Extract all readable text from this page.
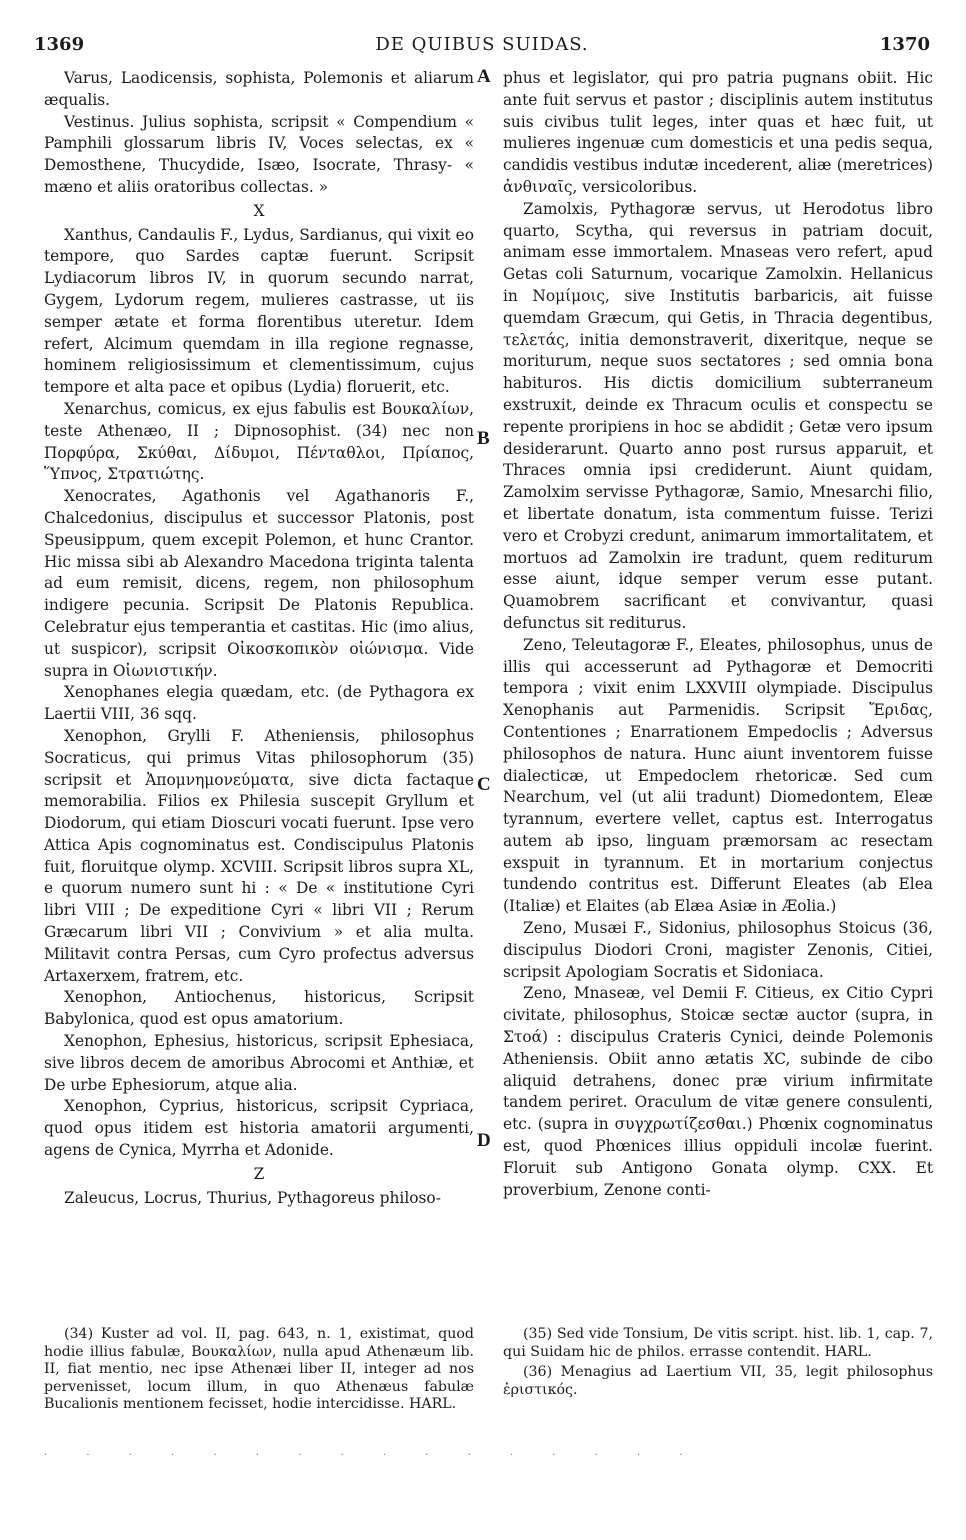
1369	DE QUIBUS SUIDAS.	1370
A
B
C
D

Varus, Laodicensis, sophista, Polemonis et aliarum æqualis.

Vestinus. Julius sophista, scripsit « Compendium « Pamphili glossarum libris IV, Voces selectas, ex « Demosthene, Thucydide, Isæo, Isocrate, Thrasy- « mæno et aliis oratoribus collectas. »

X

Xanthus, Candaulis F., Lydus, Sardianus, qui vixit eo tempore, quo Sardes captæ fuerunt. Scripsit Lydiacorum libros IV, in quorum secundo narrat, Gygem, Lydorum regem, mulieres castrasse, ut iis semper ætate et forma florentibus uteretur. Idem refert, Alcimum quemdam in illa regione regnasse, hominem religiosissimum et clementissimum, cujus tempore et alta pace et opibus (Lydia) floruerit, etc.

Xenarchus, comicus, ex ejus fabulis est Βουκαλίων, teste Athenæo, II ; Dipnosophist. (34) nec non Πορφύρα, Σκύθαι, Δίδυμοι, Πένταθλοι, Πρίαπος, Ὕπνος, Στρατιώτης.

Xenocrates, Agathonis vel Agathanoris F., Chalcedonius, discipulus et successor Platonis, post Speusippum, quem excepit Polemon, et hunc Crantor. Hic missa sibi ab Alexandro Macedona triginta talenta ad eum remisit, dicens, regem, non philosophum indigere pecunia. Scripsit De Platonis Republica. Celebratur ejus temperantia et castitas. Hic (imo alius, ut suspicor), scripsit Οἰκοσκοπικὸν οἰώνισμα. Vide supra in Οἰωνιστικήν.

Xenophanes elegia quædam, etc. (de Pythagora ex Laertii VIII, 36 sqq.

Xenophon, Grylli F. Atheniensis, philosophus Socraticus, qui primus Vitas philosophorum (35) scripsit et Ἀπομνημονεύματα, sive dicta factaque memorabilia. Filios ex Philesia suscepit Gryllum et Diodorum, qui etiam Dioscuri vocati fuerunt. Ipse vero Attica Apis cognominatus est. Condiscipulus Platonis fuit, floruitque olymp. XCVIII. Scripsit libros supra XL, e quorum numero sunt hi : « De « institutione Cyri libri VIII ; De expeditione Cyri « libri VII ; Rerum Græcarum libri VII ; Convivium » et alia multa. Militavit contra Persas, cum Cyro profectus adversus Artaxerxem, fratrem, etc.

Xenophon, Antiochenus, historicus, Scripsit Babylonica, quod est opus amatorium.

Xenophon, Ephesius, historicus, scripsit Ephesiaca, sive libros decem de amoribus Abrocomi et Anthiæ, et De urbe Ephesiorum, atque alia.

Xenophon, Cyprius, historicus, scripsit Cypriaca, quod opus itidem est historia amatorii argumenti, agens de Cynica, Myrrha et Adonide.

Z

Zaleucus, Locrus, Thurius, Pythagoreus philoso-

phus et legislator, qui pro patria pugnans obiit. Hic ante fuit servus et pastor ; disciplinis autem institutus suis civibus tulit leges, inter quas et hæc fuit, ut mulieres ingenuæ cum domesticis et una pedis sequa, candidis vestibus indutæ incederent, aliæ (meretrices) ἀνθιναῖς, versicoloribus.

Zamolxis, Pythagoræ servus, ut Herodotus libro quarto, Scytha, qui reversus in patriam docuit, animam esse immortalem. Mnaseas vero refert, apud Getas coli Saturnum, vocarique Zamolxin. Hellanicus in Νομίμοις, sive Institutis barbaricis, ait fuisse quemdam Græcum, qui Getis, in Thracia degentibus, τελετάς, initia demonstraverit, dixeritque, neque se moriturum, neque suos sectatores ; sed omnia bona habituros. His dictis domicilium subterraneum exstruxit, deinde ex Thracum oculis et conspectu se repente proripiens in hoc se abdidit ; Getæ vero ipsum desiderarunt. Quarto anno post rursus apparuit, et Thraces omnia ipsi crediderunt. Aiunt quidam, Zamolxim servisse Pythagoræ, Samio, Mnesarchi filio, et libertate donatum, ista commentum fuisse. Terizi vero et Crobyzi credunt, animarum immortalitatem, et mortuos ad Zamolxin ire tradunt, quem rediturum esse aiunt, idque semper verum esse putant. Quamobrem sacrificant et convivantur, quasi defunctus sit rediturus.

Zeno, Teleutagoræ F., Eleates, philosophus, unus de illis qui accesserunt ad Pythagoræ et Democriti tempora ; vixit enim LXXVIII olympiade. Discipulus Xenophanis aut Parmenidis. Scripsit Ἔριδας, Contentiones ; Enarrationem Empedoclis ; Adversus philosophos de natura. Hunc aiunt inventorem fuisse dialecticæ, ut Empedoclem rhetoricæ. Sed cum Nearchum, vel (ut alii tradunt) Diomedontem, Eleæ tyrannum, evertere vellet, captus est. Interrogatus autem ab ipso, linguam præmorsam ac resectam exspuit in tyrannum. Et in mortarium conjectus tundendo contritus est. Differunt Eleates (ab Elea (Italiæ) et Elaites (ab Elæa Asiæ in Æolia.)

Zeno, Musæi F., Sidonius, philosophus Stoicus (36, discipulus Diodori Croni, magister Zenonis, Citiei, scripsit Apologiam Socratis et Sidoniaca.

Zeno, Mnaseæ, vel Demii F. Citieus, ex Citio Cypri civitate, philosophus, Stoicæ sectæ auctor (supra, in Στοά) : discipulus Crateris Cynici, deinde Polemonis Atheniensis. Obiit anno ætatis XC, subinde de cibo aliquid detrahens, donec præ virium infirmitate tandem periret. Oraculum de vitæ genere consulenti, etc. (supra in συγχρωτίζεσθαι.) Phœnix cognominatus est, quod Phœnices illius oppiduli incolæ fuerint. Floruit sub Antigono Gonata olymp. CXX. Et proverbium, Zenone conti-

(34) Kuster ad vol. II, pag. 643, n. 1, existimat, quod hodie illius fabulæ, Βουκαλίων, nulla apud Athenæum lib. II, fiat mentio, nec ipse Athenæi liber II, integer ad nos pervenisset, locum illum, in quo Athenæus fabulæ Bucalionis mentionem fecisset, hodie intercidisse. HARL.

(35) Sed vide Tonsium, De vitis script. hist. lib. 1, cap. 7, qui Suidam hic de philos. errasse contendit. HARL.

(36) Menagius ad Laertium VII, 35, legit philosophus ἐριστικός.

· · · · · · · · · · · · · · · ·
